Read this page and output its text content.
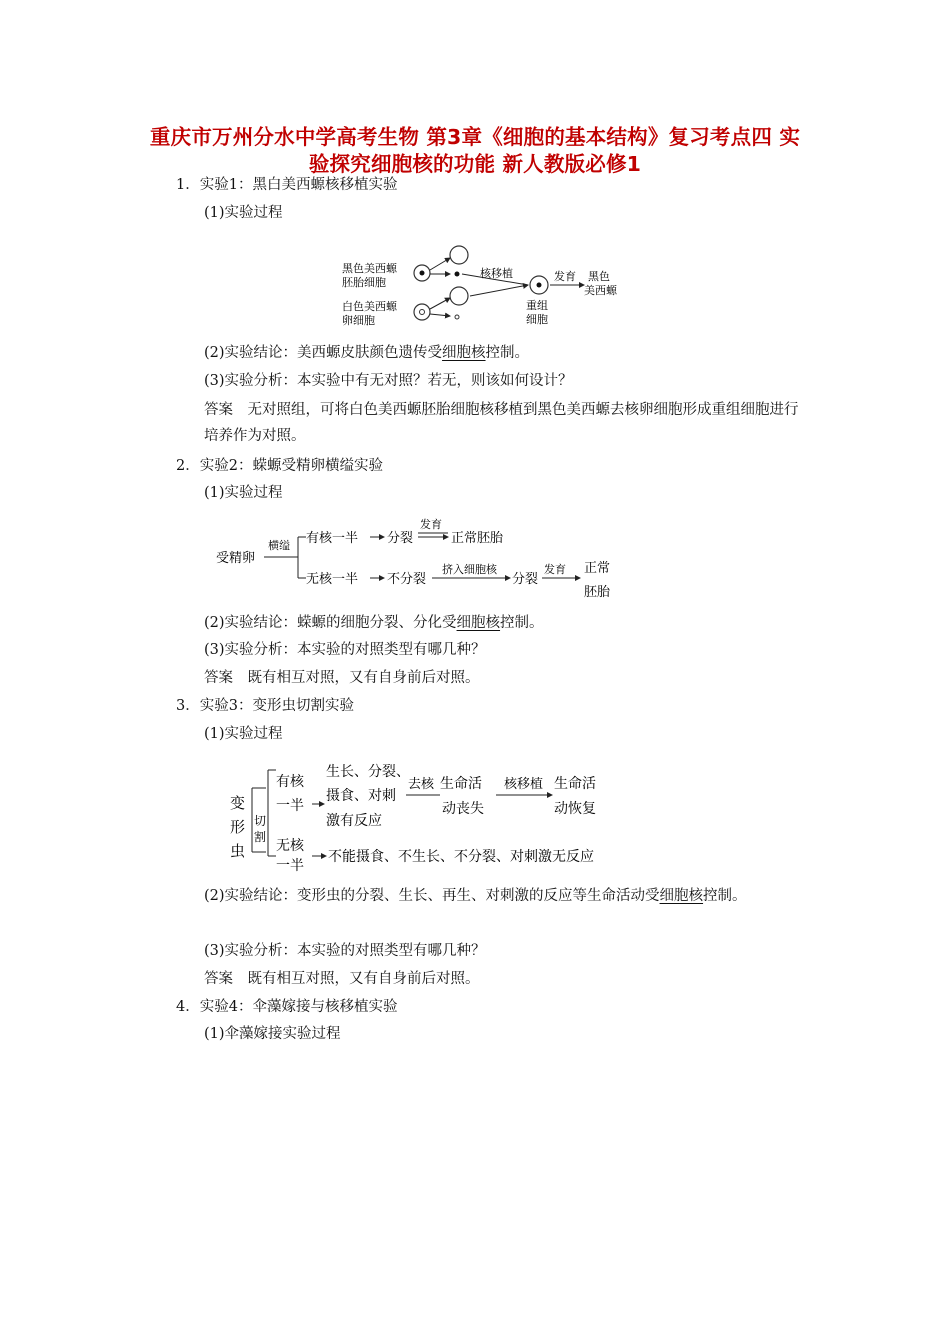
重庆市万州分水中学高考生物 第3章《细胞的基本结构》复习考点四 实验探究细胞核的功能 新人教版必修1
1．实验1：黑白美西螈核移植实验
(1)实验过程
黑色美西螈
胚胎细胞
白色美西螈
卵细胞
核移植
重组
细胞
发育 黑色
美西螈
(2)实验结论：美西螈皮肤颜色遗传受细胞核控制。
(3)实验分析：本实验中有无对照？若无，则该如何设计？
答案　无对照组，可将白色美西螈胚胎细胞核移植到黑色美西螈去核卵细胞形成重组细胞进行培养作为对照。
2．实验2：蝾螈受精卵横缢实验
(1)实验过程
受精卵
横缢 有核一半 分裂
发育
正常胚胎
无核一半 不分裂
挤入细胞核
分裂
发育 正常
胚胎
(2)实验结论：蝾螈的细胞分裂、分化受细胞核控制。
(3)实验分析：本实验的对照类型有哪几种？
答案　既有相互对照，又有自身前后对照。
3．实验3：变形虫切割实验
(1)实验过程
变
形
虫
切
割
有核
一半
生长、分裂、
摄食、对刺
激有反应
去核 生命活
动丧失
核移植 生命活
动恢复
无核
一半
不能摄食、不生长、不分裂、对刺激无反应
(2)实验结论：变形虫的分裂、生长、再生、对刺激的反应等生命活动受细胞核控制。
(3)实验分析：本实验的对照类型有哪几种？
答案　既有相互对照，又有自身前后对照。
4．实验4：伞藻嫁接与核移植实验
(1)伞藻嫁接实验过程
